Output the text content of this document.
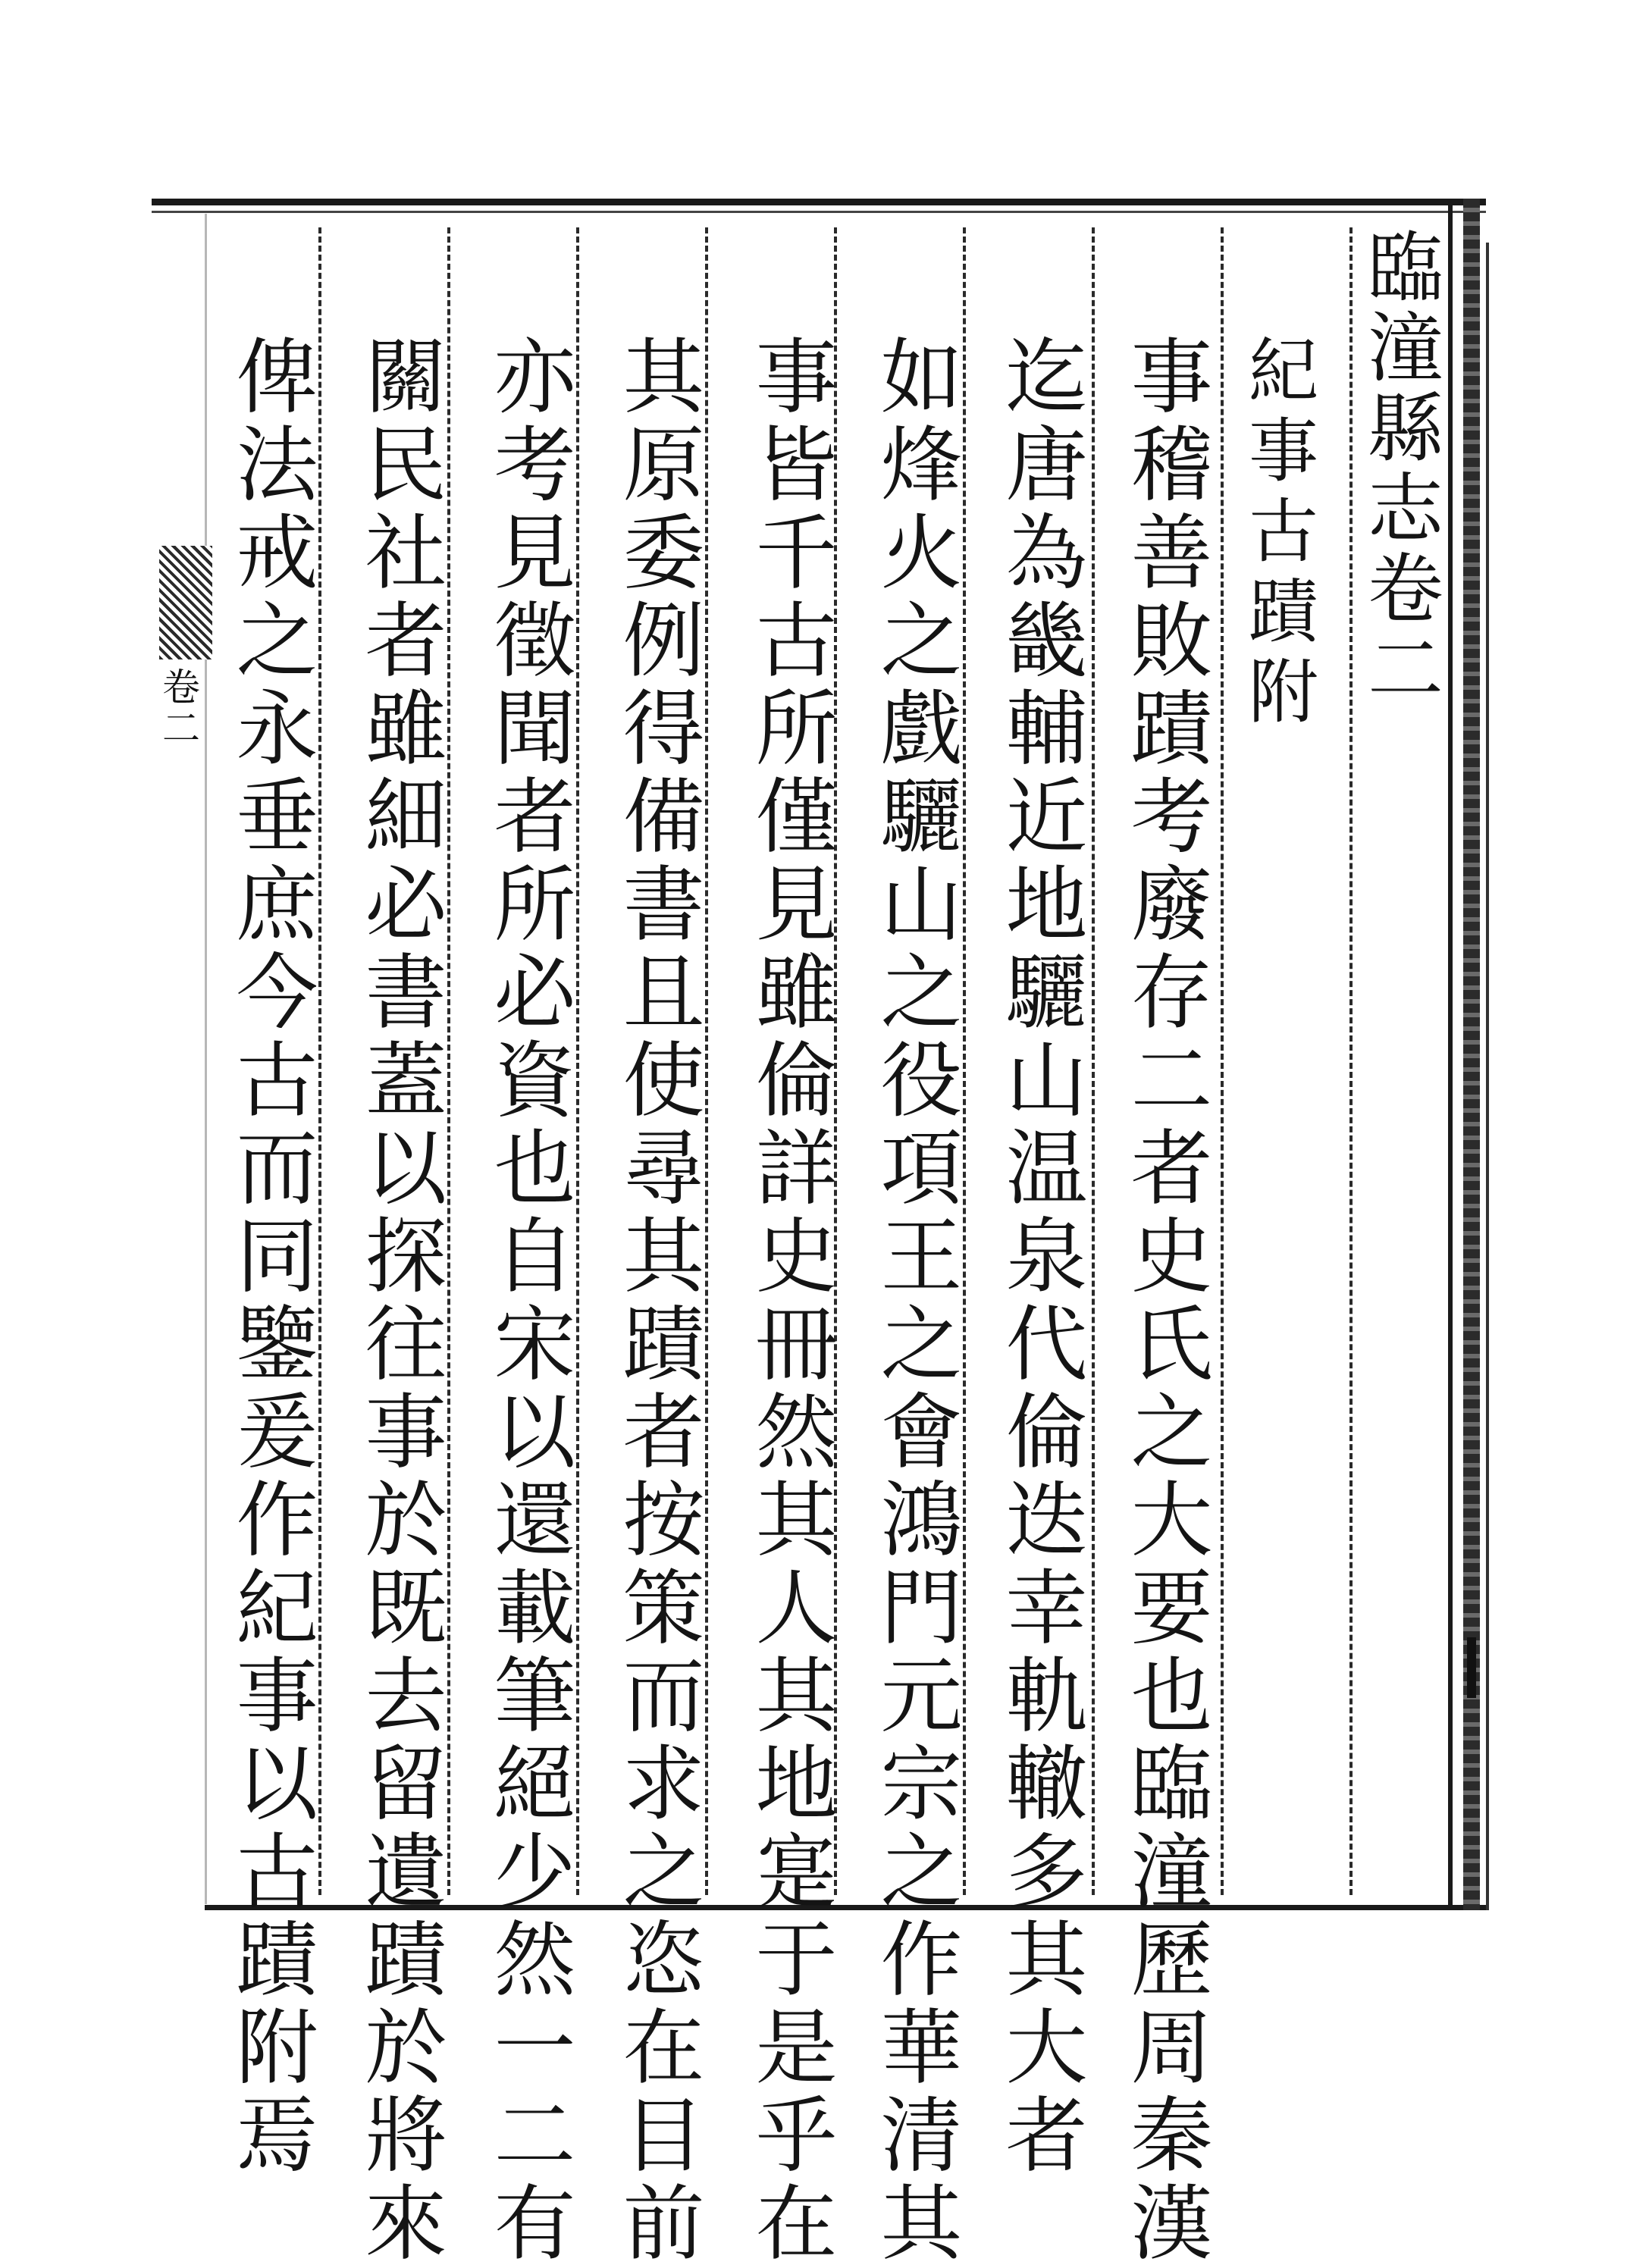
卷二	臨潼縣志卷二
紀事古蹟附
事稽善敗蹟考廢存二者史氏之大要也臨潼歷周秦漢
迄唐為畿輔近地驪山温泉代倫迭幸軌轍多其大者
如烽火之戲驪山之役項王之會鴻門元宗之作華清其
事皆千古所僅見雖倫詳史冊然其人其地寔于是乎在
其原委例得備書且使尋其蹟者按策而求之恣在目前
亦考見徵聞者所必資也自宋以還載筆絕少然一二有
關民社者雖細必書蓋以探往事於既去留遺蹟於將來
俾法戒之永垂庶今古而同鑒爰作紀事以古蹟附焉
